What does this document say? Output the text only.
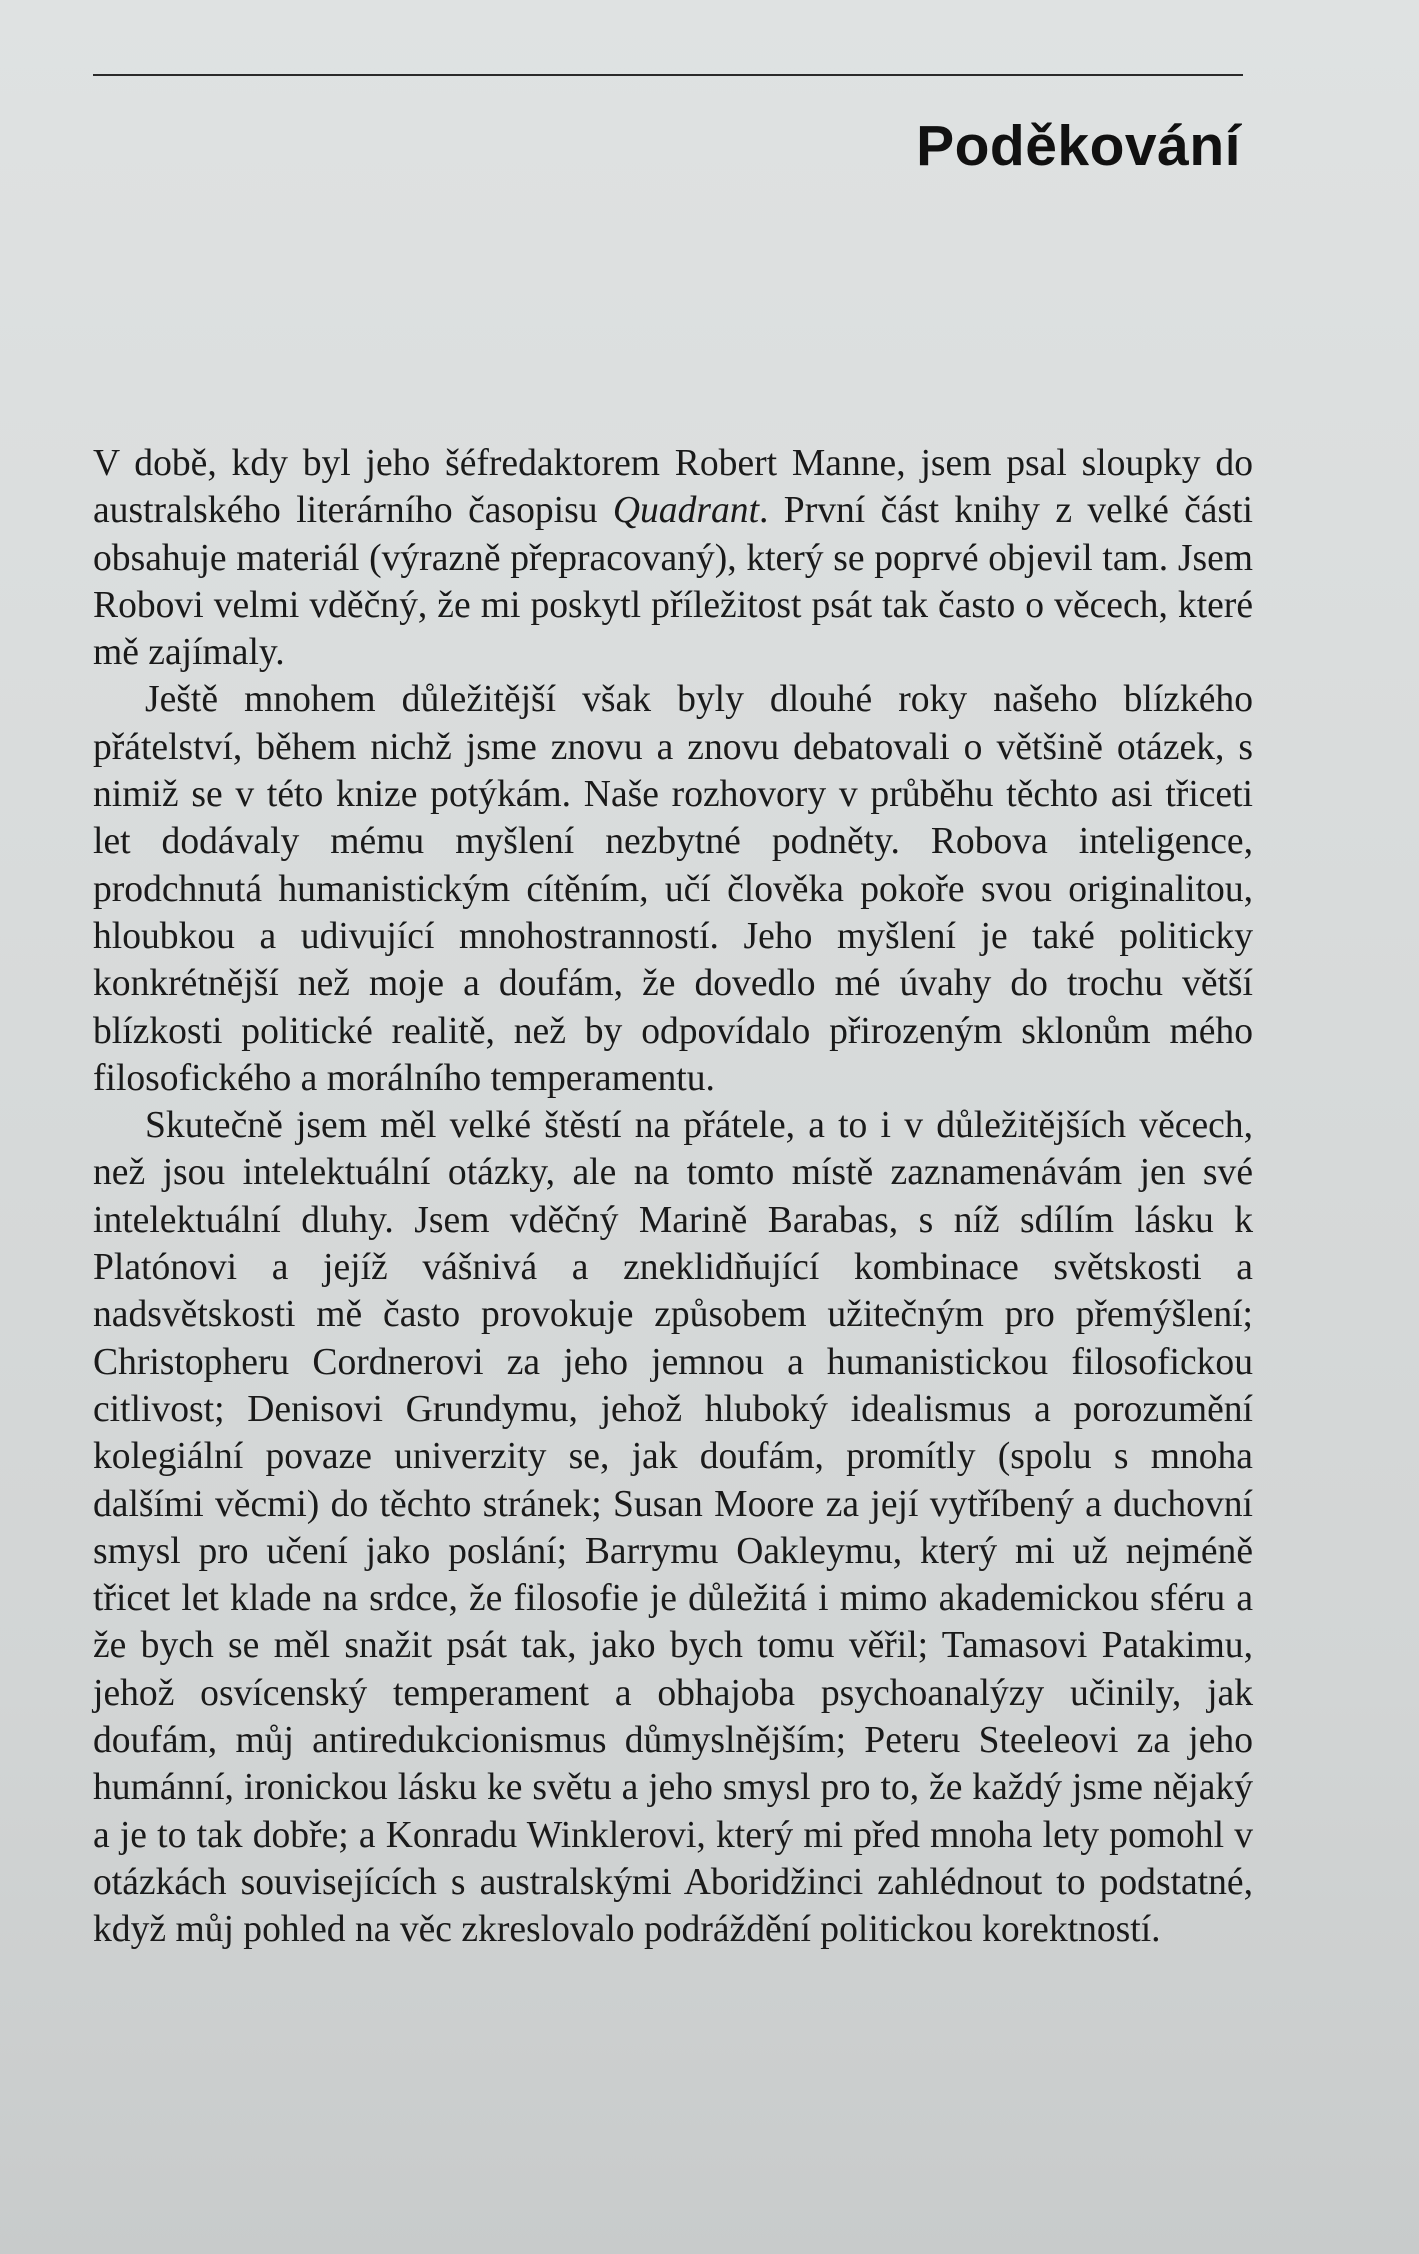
Poděkování

V době, kdy byl jeho šéfredaktorem Robert Manne, jsem psal sloupky do australského literárního časopisu Quadrant. První část knihy z velké části obsahuje materiál (výrazně přepracovaný), který se poprvé objevil tam. Jsem Robovi velmi vděčný, že mi poskytl příležitost psát tak často o věcech, které mě zajímaly.

Ještě mnohem důležitější však byly dlouhé roky našeho blízkého přátelství, během nichž jsme znovu a znovu debatovali o většině otázek, s nimiž se v této knize potýkám. Naše rozhovory v průběhu těchto asi třiceti let dodávaly mému myšlení nezbytné podněty. Robova inteligence, prodchnutá humanistickým cítěním, učí člověka pokoře svou originalitou, hloubkou a udivující mnohostranností. Jeho myšlení je také politicky konkrétnější než moje a doufám, že dovedlo mé úvahy do trochu větší blízkosti politické realitě, než by odpovídalo přirozeným sklonům mého filosofického a morálního temperamentu.

Skutečně jsem měl velké štěstí na přátele, a to i v důležitějších věcech, než jsou intelektuální otázky, ale na tomto místě zaznamenávám jen své intelektuální dluhy. Jsem vděčný Marině Barabas, s níž sdílím lásku k Platónovi a jejíž vášnivá a zneklidňující kombinace světskosti a nadsvětskosti mě často provokuje způsobem užitečným pro přemýšlení; Christopheru Cordnerovi za jeho jemnou a humanistickou filosofickou citlivost; Denisovi Grundymu, jehož hluboký idealismus a porozumění kolegiální povaze univerzity se, jak doufám, promítly (spolu s mnoha dalšími věcmi) do těchto stránek; Susan Moore za její vytříbený a duchovní smysl pro učení jako poslání; Barrymu Oakleymu, který mi už nejméně třicet let klade na srdce, že filosofie je důležitá i mimo akademickou sféru a že bych se měl snažit psát tak, jako bych tomu věřil; Tamasovi Patakimu, jehož osvícenský temperament a obhajoba psychoanalýzy učinily, jak doufám, můj antiredukcionismus důmyslnějším; Peteru Steeleovi za jeho humánní, ironickou lásku ke světu a jeho smysl pro to, že každý jsme nějaký a je to tak dobře; a Konradu Winklerovi, který mi před mnoha lety pomohl v otázkách souvisejících s australskými Aboridžinci zahlédnout to podstatné, když můj pohled na věc zkreslovalo podráždění politickou korektností.
